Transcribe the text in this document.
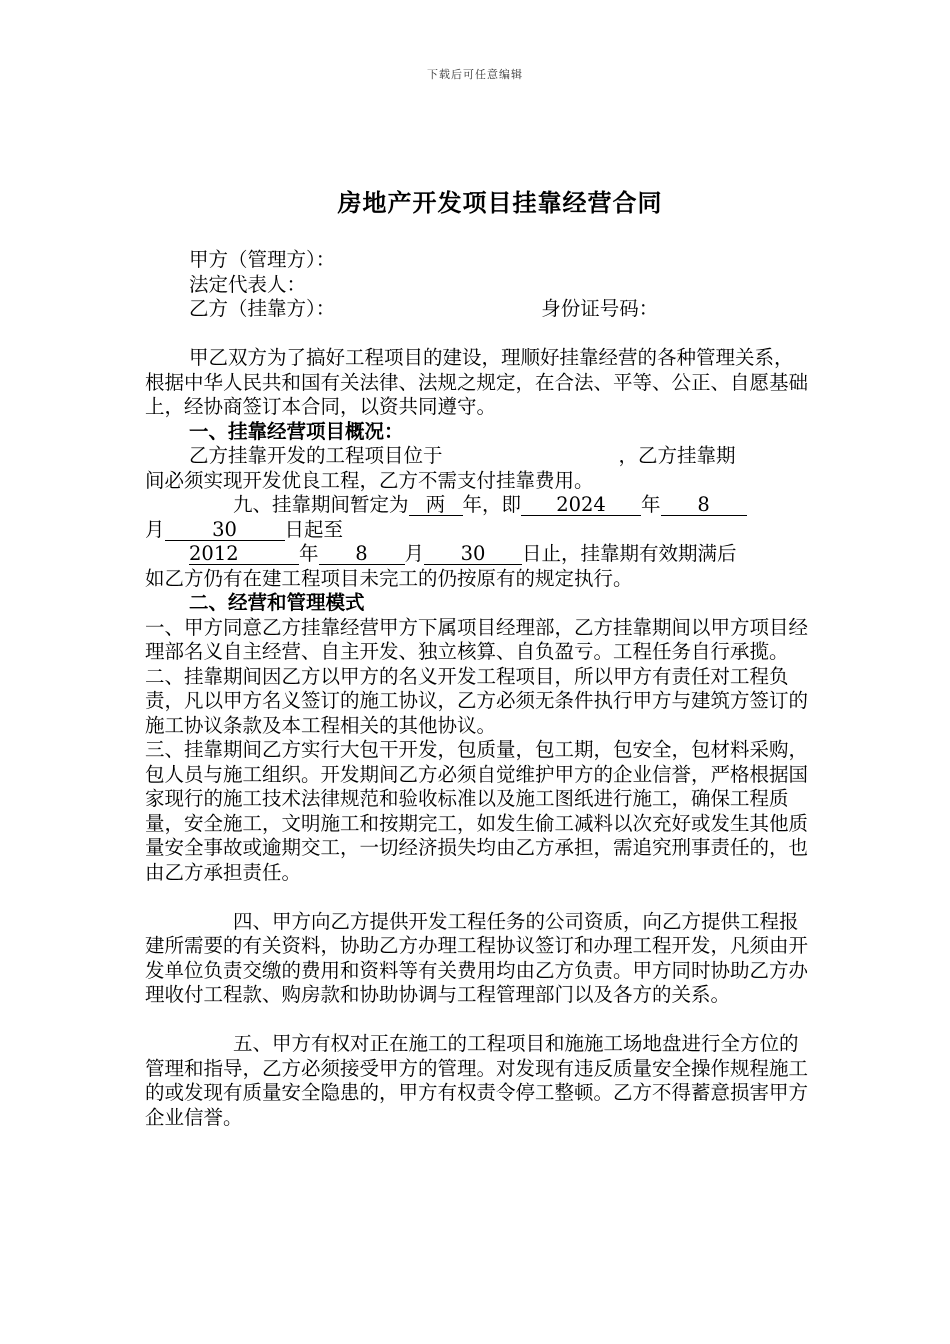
下载后可任意编辑
房地产开发项目挂靠经营合同
甲方（管理方）：
法定代表人：
乙方（挂靠方）：	身份证号码：

甲乙双方为了搞好工程项目的建设，理顺好挂靠经营的各种管理关系，根据中华人民共和国有关法律、法规之规定，在合法、平等、公正、自愿基础上，经协商签订本合同，以资共同遵守。

一、挂靠经营项目概况：
乙方挂靠开发的工程项目位于	，乙方挂靠期
间必须实现开发优良工程，乙方不需支付挂靠费用。
九、挂靠期间暂定为 两 年，即 2024 年 8
月 30 日起至
2012	年 8 月 30 日止，挂靠期有效期满后
如乙方仍有在建工程项目未完工的仍按原有的规定执行。
二、经营和管理模式

一、甲方同意乙方挂靠经营甲方下属项目经理部，乙方挂靠期间以甲方项目经理部名义自主经营、自主开发、独立核算、自负盈亏。工程任务自行承揽。

二、挂靠期间因乙方以甲方的名义开发工程项目，所以甲方有责任对工程负责，凡以甲方名义签订的施工协议，乙方必须无条件执行甲方与建筑方签订的施工协议条款及本工程相关的其他协议。

三、挂靠期间乙方实行大包干开发，包质量，包工期，包安全，包材料采购，包人员与施工组织。开发期间乙方必须自觉维护甲方的企业信誉，严格根据国家现行的施工技术法律规范和验收标准以及施工图纸进行施工，确保工程质量，安全施工，文明施工和按期完工，如发生偷工减料以次充好或发生其他质量安全事故或逾期交工，一切经济损失均由乙方承担，需追究刑事责任的，也由乙方承担责任。

四、甲方向乙方提供开发工程任务的公司资质，向乙方提供工程报建所需要的有关资料，协助乙方办理工程协议签订和办理工程开发，凡须由开发单位负责交缴的费用和资料等有关费用均由乙方负责。甲方同时协助乙方办理收付工程款、购房款和协助协调与工程管理部门以及各方的关系。

五、甲方有权对正在施工的工程项目和施施工场地盘进行全方位的管理和指导，乙方必须接受甲方的管理。对发现有违反质量安全操作规程施工的或发现有质量安全隐患的，甲方有权责令停工整顿。乙方不得蓄意损害甲方企业信誉。
